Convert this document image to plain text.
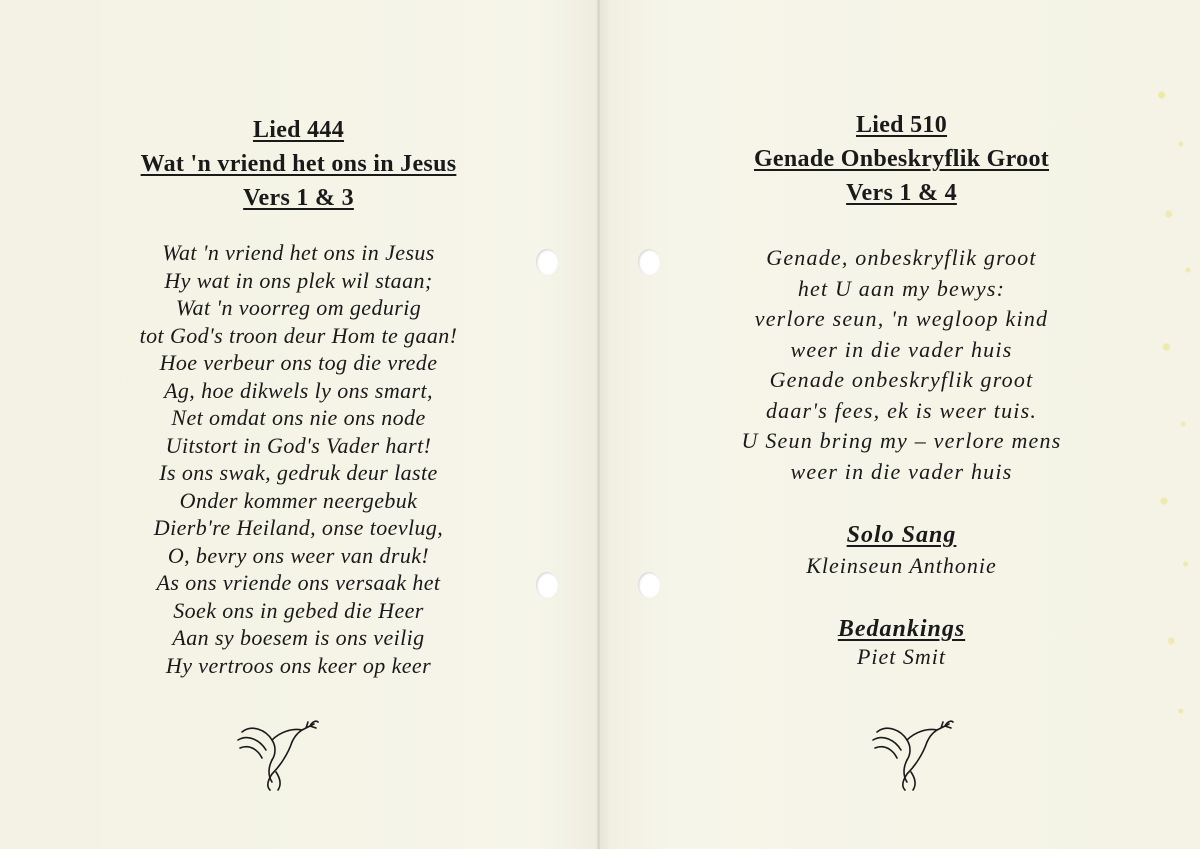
Lied 444
Wat 'n vriend het ons in Jesus
Vers 1 & 3
Wat 'n vriend het ons in Jesus
Hy wat in ons plek wil staan;
Wat 'n voorreg om gedurig
tot God's troon deur Hom te gaan!
Hoe verbeur ons tog die vrede
Ag, hoe dikwels ly ons smart,
Net omdat ons nie ons node
Uitstort in God's Vader hart!
Is ons swak, gedruk deur laste
Onder kommer neergebuk
Dierb're Heiland, onse toevlug,
O, bevry ons weer van druk!
As ons vriende ons versaak het
Soek ons in gebed die Heer
Aan sy boesem is ons veilig
Hy vertroos ons keer op keer
Lied 510
Genade Onbeskryflik Groot
Vers 1 & 4
Genade, onbeskryflik groot
het U aan my bewys:
verlore seun, 'n wegloop kind
weer in die vader huis
Genade onbeskryflik groot
daar's fees, ek is weer tuis.
U Seun bring my – verlore mens
weer in die vader huis
Solo Sang
Kleinseun Anthonie
Bedankings
Piet Smit
